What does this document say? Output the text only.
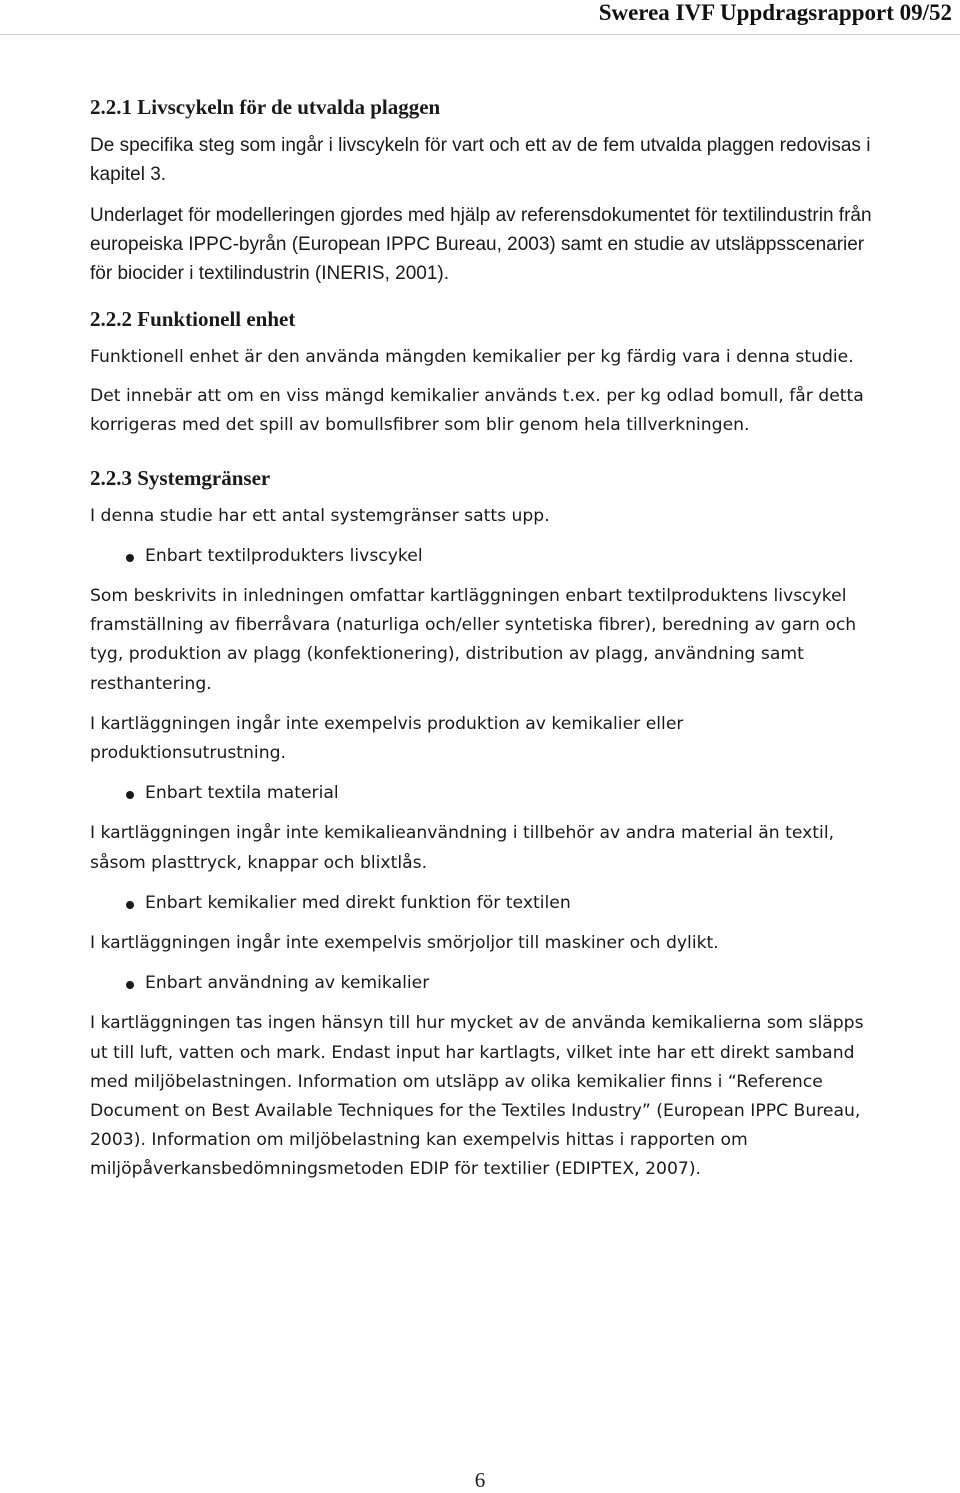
Swerea IVF Uppdragsrapport 09/52
2.2.1 Livscykeln för de utvalda plaggen

De specifika steg som ingår i livscykeln för vart och ett av de fem utvalda plaggen redovisas i kapitel 3.

Underlaget för modelleringen gjordes med hjälp av referensdokumentet för textilindustrin från europeiska IPPC-byrån (European IPPC Bureau, 2003) samt en studie av utsläppsscenarier för biocider i textilindustrin (INERIS, 2001).

2.2.2 Funktionell enhet

Funktionell enhet är den använda mängden kemikalier per kg färdig vara i denna studie.

Det innebär att om en viss mängd kemikalier används t.ex. per kg odlad bomull, får detta korrigeras med det spill av bomullsfibrer som blir genom hela tillverkningen.

2.2.3 Systemgränser

I denna studie har ett antal systemgränser satts upp.

Enbart textilprodukters livscykel

Som beskrivits in inledningen omfattar kartläggningen enbart textilproduktens livscykel framställning av fiberråvara (naturliga och/eller syntetiska fibrer), beredning av garn och tyg, produktion av plagg (konfektionering), distribution av plagg, användning samt resthantering.

I kartläggningen ingår inte exempelvis produktion av kemikalier eller produktionsutrustning.

Enbart textila material

I kartläggningen ingår inte kemikalieanvändning i tillbehör av andra material än textil, såsom plasttryck, knappar och blixtlås.

Enbart kemikalier med direkt funktion för textilen

I kartläggningen ingår inte exempelvis smörjoljor till maskiner och dylikt.

Enbart användning av kemikalier

I kartläggningen tas ingen hänsyn till hur mycket av de använda kemikalierna som släpps ut till luft, vatten och mark. Endast input har kartlagts, vilket inte har ett direkt samband med miljöbelastningen. Information om utsläpp av olika kemikalier finns i “Reference Document on Best Available Techniques for the Textiles Industry” (European IPPC Bureau, 2003). Information om miljöbelastning kan exempelvis hittas i rapporten om miljöpåverkansbedömningsmetoden EDIP för textilier (EDIPTEX, 2007).

6
